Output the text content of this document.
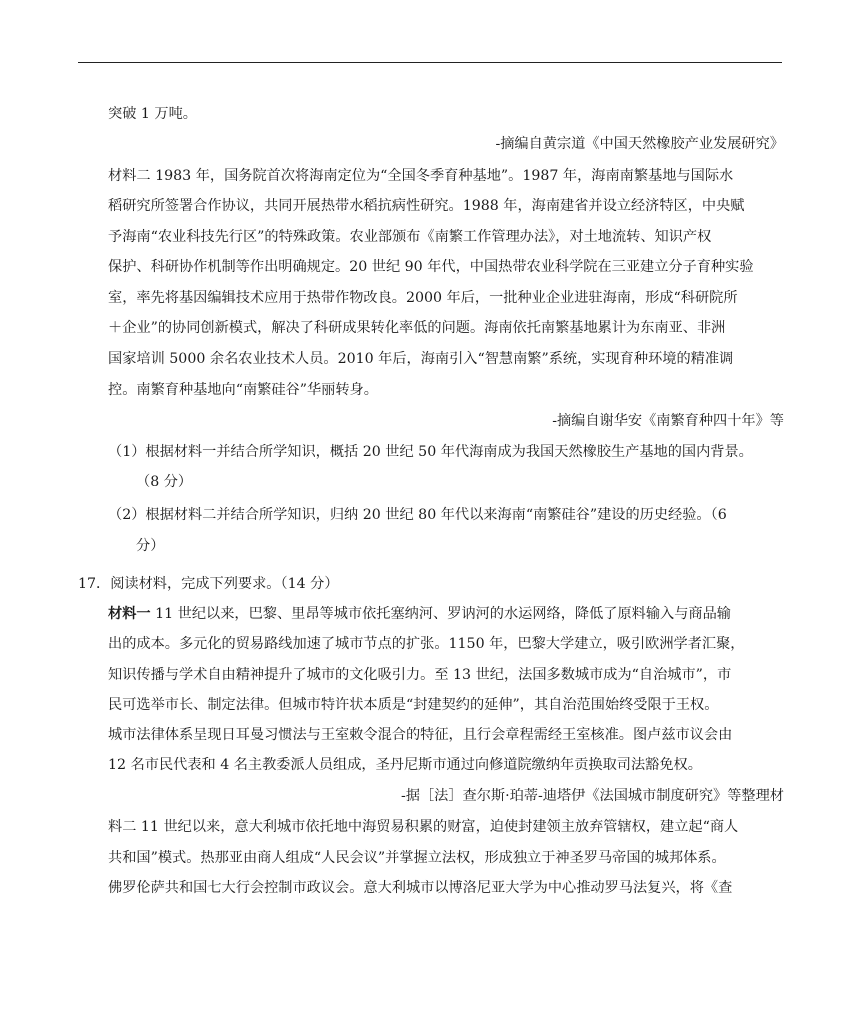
突破 1 万吨。
-摘编自黄宗道《中国天然橡胶产业发展研究》
材料二 1983 年，国务院首次将海南定位为“全国冬季育种基地”。1987 年，海南南繁基地与国际水
稻研究所签署合作协议，共同开展热带水稻抗病性研究。1988 年，海南建省并设立经济特区，中央赋
予海南“农业科技先行区”的特殊政策。农业部颁布《南繁工作管理办法》，对土地流转、知识产权
保护、科研协作机制等作出明确规定。20 世纪 90 年代，中国热带农业科学院在三亚建立分子育种实验
室，率先将基因编辑技术应用于热带作物改良。2000 年后，一批种业企业进驻海南，形成“科研院所
＋企业”的协同创新模式，解决了科研成果转化率低的问题。海南依托南繁基地累计为东南亚、非洲
国家培训 5000 余名农业技术人员。2010 年后，海南引入“智慧南繁”系统，实现育种环境的精准调
控。南繁育种基地向“南繁硅谷”华丽转身。
-摘编自谢华安《南繁育种四十年》等
（1）根据材料一并结合所学知识，概括 20 世纪 50 年代海南成为我国天然橡胶生产基地的国内背景。
（8 分）
（2）根据材料二并结合所学知识，归纳 20 世纪 80 年代以来海南“南繁硅谷”建设的历史经验。（6
分）
17．阅读材料，完成下列要求。（14 分）
材料一 11 世纪以来，巴黎、里昂等城市依托塞纳河、罗讷河的水运网络，降低了原料输入与商品输
出的成本。多元化的贸易路线加速了城市节点的扩张。1150 年，巴黎大学建立，吸引欧洲学者汇聚，
知识传播与学术自由精神提升了城市的文化吸引力。至 13 世纪，法国多数城市成为“自治城市”，市
民可选举市长、制定法律。但城市特许状本质是“封建契约的延伸”，其自治范围始终受限于王权。
城市法律体系呈现日耳曼习惯法与王室敕令混合的特征，且行会章程需经王室核准。图卢兹市议会由
12 名市民代表和 4 名主教委派人员组成，圣丹尼斯市通过向修道院缴纳年贡换取司法豁免权。
-据［法］查尔斯·珀蒂-迪塔伊《法国城市制度研究》等整理材
料二 11 世纪以来，意大利城市依托地中海贸易积累的财富，迫使封建领主放弃管辖权，建立起“商人
共和国”模式。热那亚由商人组成“人民会议”并掌握立法权，形成独立于神圣罗马帝国的城邦体系。
佛罗伦萨共和国七大行会控制市政议会。意大利城市以博洛尼亚大学为中心推动罗马法复兴，将《查
